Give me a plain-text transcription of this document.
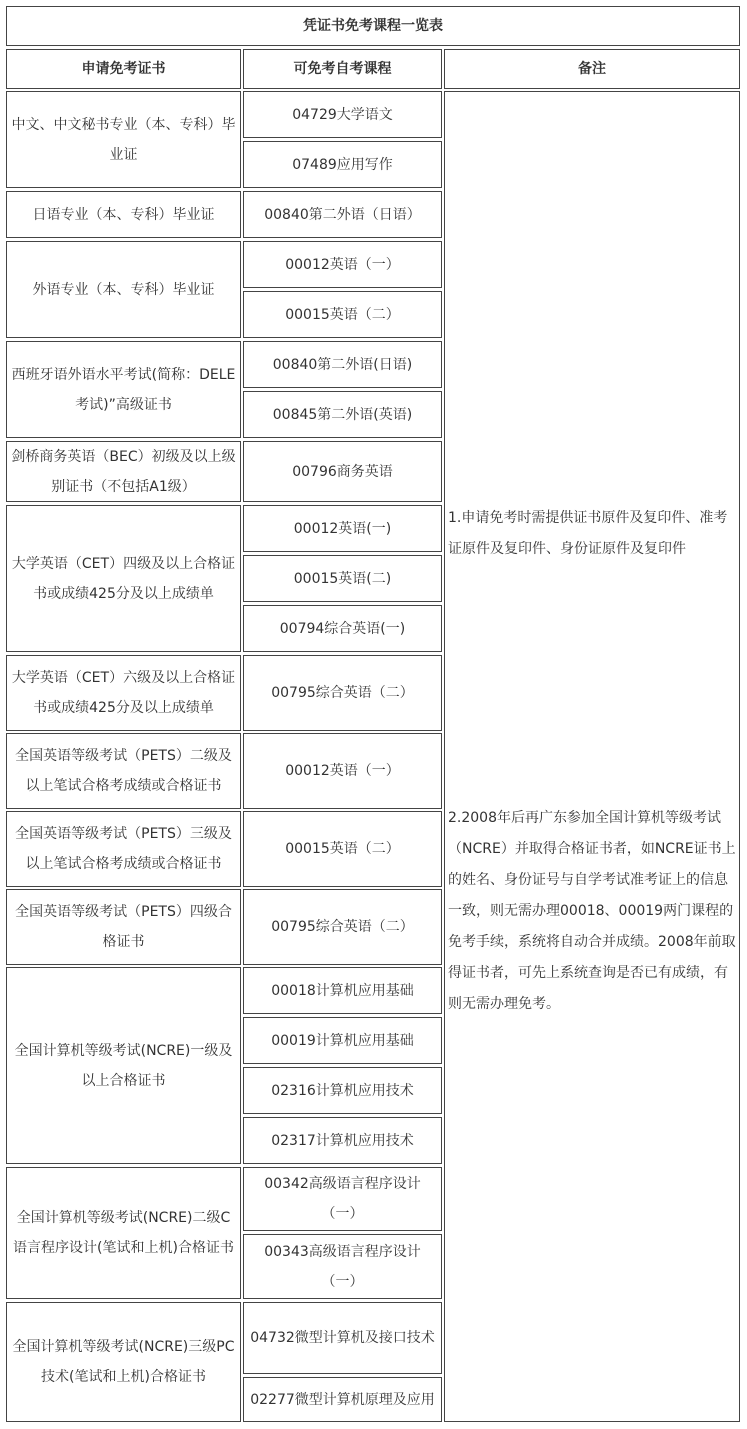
凭证书免考课程一览表
申请免考证书	可免考自考课程	备注
1.申请免考时需提供证书原件及复印件、准考证原件及复印件、身份证原件及复印件
2.2008年后再广东参加全国计算机等级考试（NCRE）并取得合格证书者，如NCRE证书上的姓名、身份证号与自学考试准考证上的信息一致，则无需办理00018、00019两门课程的免考手续，系统将自动合并成绩。2008年前取得证书者，可先上系统查询是否已有成绩，有则无需办理免考。
中文、中文秘书专业（本、专科）毕业证
日语专业（本、专科）毕业证
外语专业（本、专科）毕业证
西班牙语外语水平考试(简称：DELE考试)”高级证书
剑桥商务英语（BEC）初级及以上级别证书（不包括A1级）
大学英语（CET）四级及以上合格证书或成绩425分及以上成绩单
大学英语（CET）六级及以上合格证书或成绩425分及以上成绩单
全国英语等级考试（PETS）二级及以上笔试合格考成绩或合格证书
全国英语等级考试（PETS）三级及以上笔试合格考成绩或合格证书
全国英语等级考试（PETS）四级合格证书
全国计算机等级考试(NCRE)一级及以上合格证书
全国计算机等级考试(NCRE)二级C语言程序设计(笔试和上机)合格证书
全国计算机等级考试(NCRE)三级PC技术(笔试和上机)合格证书
04729大学语文
07489应用写作
00840第二外语（日语）
00012英语（一）
00015英语（二）
00840第二外语(日语)
00845第二外语(英语)
00796商务英语
00012英语(一)
00015英语(二)
00794综合英语(一)
00795综合英语（二）
00012英语（一）
00015英语（二）
00795综合英语（二）
00018计算机应用基础
00019计算机应用基础
02316计算机应用技术
02317计算机应用技术
00342高级语言程序设计（一）
00343高级语言程序设计（一）
04732微型计算机及接口技术
02277微型计算机原理及应用
